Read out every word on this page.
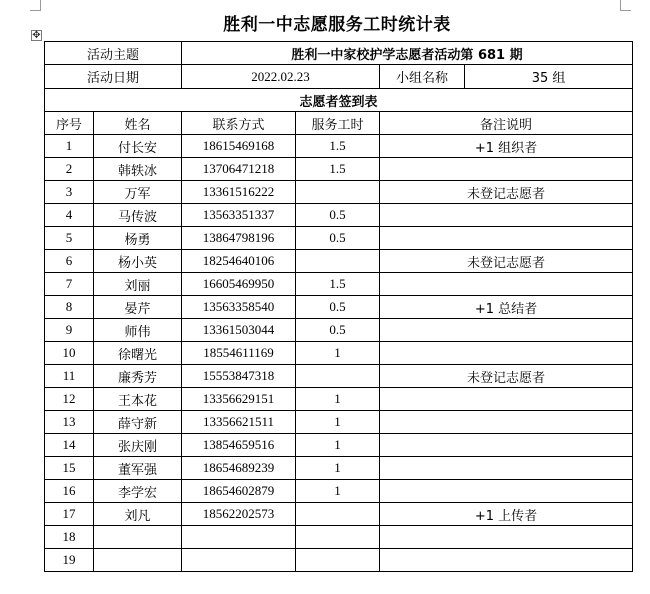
胜利一中志愿服务工时统计表
✥
活动主题		胜利一中家校护学志愿者活动第 681 期		
活动日期		2022.02.23		小组名称 35 组

志愿者签到表				
序号	姓名	联系方式	服务工时	备注说明
1	付长安	18615469168	1.5	+1 组织者
2	韩轶冰	13706471218	1.5	
3	万军	13361516222		未登记志愿者
4	马传波	13563351337	0.5	
5	杨勇	13864798196	0.5	
6	杨小英	18254640106		未登记志愿者
7	刘丽	16605469950	1.5	
8	晏芹	13563358540	0.5	+1 总结者
9	师伟	13361503044	0.5	
10	徐曙光	18554611169	1	
11	廉秀芳	15553847318		未登记志愿者
12	王本花	13356629151	1	
13	薛守新	13356621511	1	
14	张庆刚	13854659516	1	
15	董军强	18654689239	1	
16	李学宏	18654602879	1	
17	刘凡	18562202573		+1 上传者
18				
19				
